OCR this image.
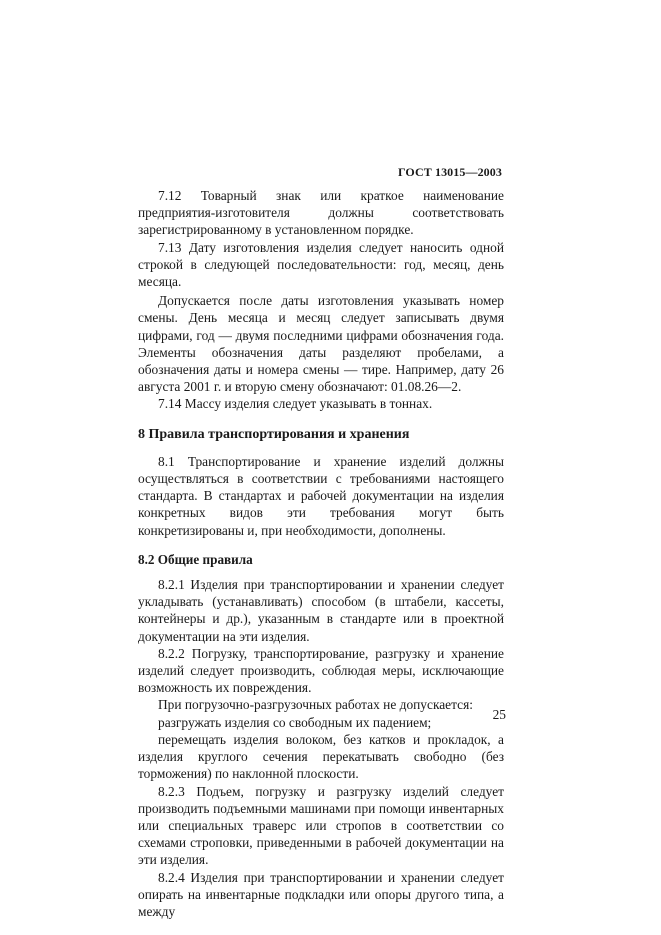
ГОСТ 13015—2003

7.12 Товарный знак или краткое наименование предприятия-изготовителя должны соответствовать зарегистрированному в установленном порядке.

7.13 Дату изготовления изделия следует наносить одной строкой в следующей последовательности: год, месяц, день месяца.

Допускается после даты изготовления указывать номер смены. День месяца и месяц следует записывать двумя цифрами, год — двумя последними цифрами обозначения года. Элементы обозначения даты разделяют пробелами, а обозначения даты и номера смены — тире. Например, дату 26 августа 2001 г. и вторую смену обозначают: 01.08.26—2.

7.14 Массу изделия следует указывать в тоннах.

8 Правила транспортирования и хранения

8.1 Транспортирование и хранение изделий должны осуществляться в соответствии с требованиями настоящего стандарта. В стандартах и рабочей документации на изделия конкретных видов эти требования могут быть конкретизированы и, при необходимости, дополнены.

8.2 Общие правила

8.2.1 Изделия при транспортировании и хранении следует укладывать (устанавливать) способом (в штабели, кассеты, контейнеры и др.), указанным в стандарте или в проектной документации на эти изделия.

8.2.2 Погрузку, транспортирование, разгрузку и хранение изделий следует производить, соблюдая меры, исключающие возможность их повреждения.

При погрузочно-разгрузочных работах не допускается:

разгружать изделия со свободным их падением;

перемещать изделия волоком, без катков и прокладок, а изделия круглого сечения перекатывать свободно (без торможения) по наклонной плоскости.

8.2.3 Подъем, погрузку и разгрузку изделий следует производить подъемными машинами при помощи инвентарных или специальных траверс или стропов в соответствии со схемами строповки, приведенными в рабочей документации на эти изделия.

8.2.4 Изделия при транспортировании и хранении следует опирать на инвентарные подкладки или опоры другого типа, а между

25
